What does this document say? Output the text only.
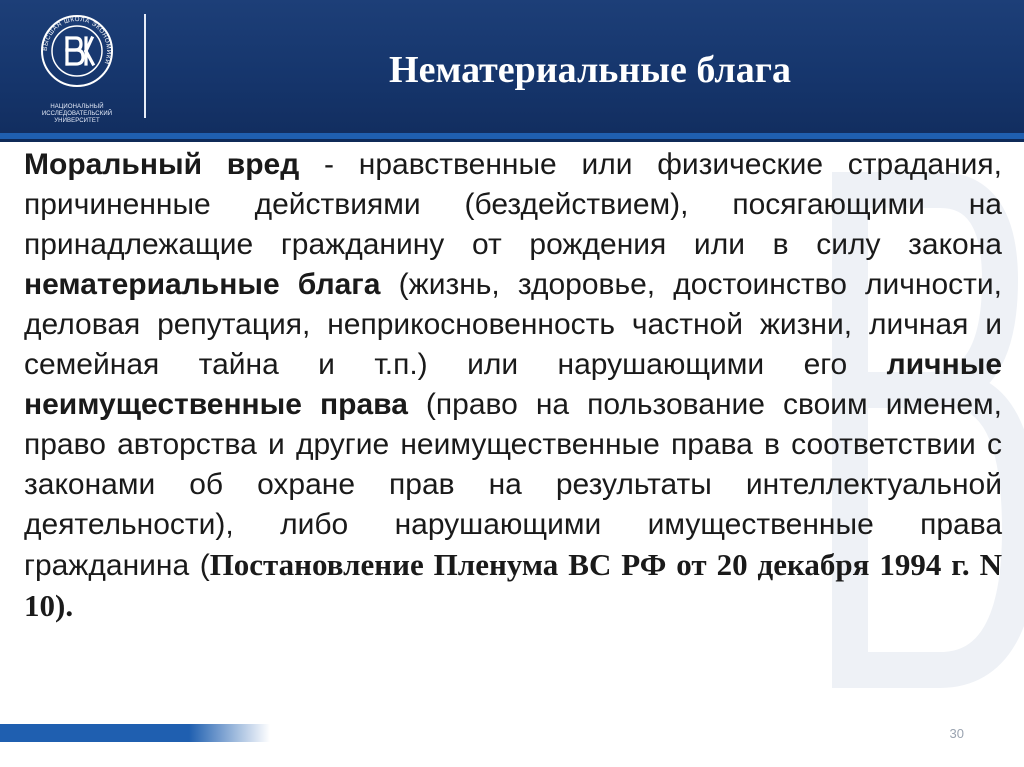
ВЫСШАЯ ШКОЛА ЭКОНОМИКИ
НАЦИОНАЛЬНЫЙ ИССЛЕДОВАТЕЛЬСКИЙ
УНИВЕРСИТЕТ
Нематериальные блага

Моральный вред - нравственные или физические страдания, причиненные действиями (бездействием), посягающими на принадлежащие гражданину от рождения или в силу закона нематериальные блага (жизнь, здоровье, достоинство личности, деловая репутация, неприкосновенность частной жизни, личная и семейная тайна и т.п.) или нарушающими его личные неимущественные права (право на пользование своим именем, право авторства и другие неимущественные права в соответствии с законами об охране прав на результаты интеллектуальной деятельности), либо нарушающими имущественные права гражданина (Постановление Пленума ВС РФ от 20 декабря 1994 г. N 10).

30
